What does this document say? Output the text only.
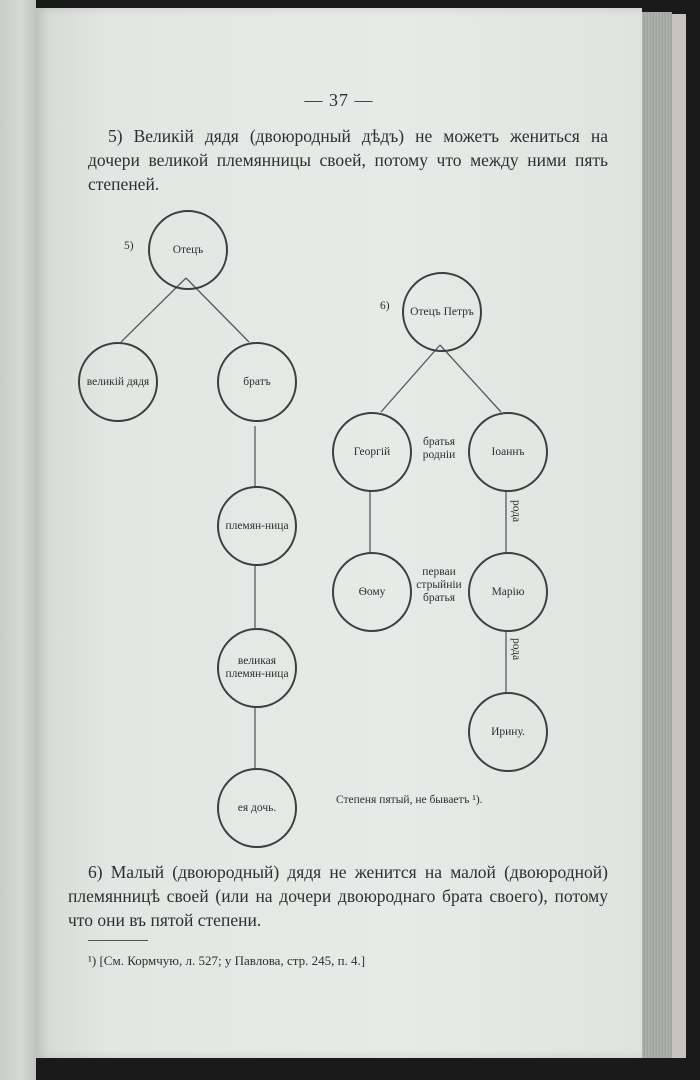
— 37 —
5) Великій дядя (двоюродный дѣдъ) не можетъ жениться на дочери великой племянницы своей, потому что между ними пять степеней.
5)	Отецъ
великій дядя	братъ
племян-ница
великая племян-ница
ея дочь.
6)	Отецъ Петръ
Георгій	Іоаннъ
Ѳому	Марію
Ирину.
братья родніи
перваи стрыйніи братья
рода
рода
Степеня пятый, не бываетъ ¹).
6) Малый (двоюродный) дядя не женится на малой (двоюродной) племянницѣ своей (или на дочери двоюроднаго брата своего), потому что они въ пятой степени.
¹) [См. Кормчую, л. 527; у Павлова, стр. 245, п. 4.]
